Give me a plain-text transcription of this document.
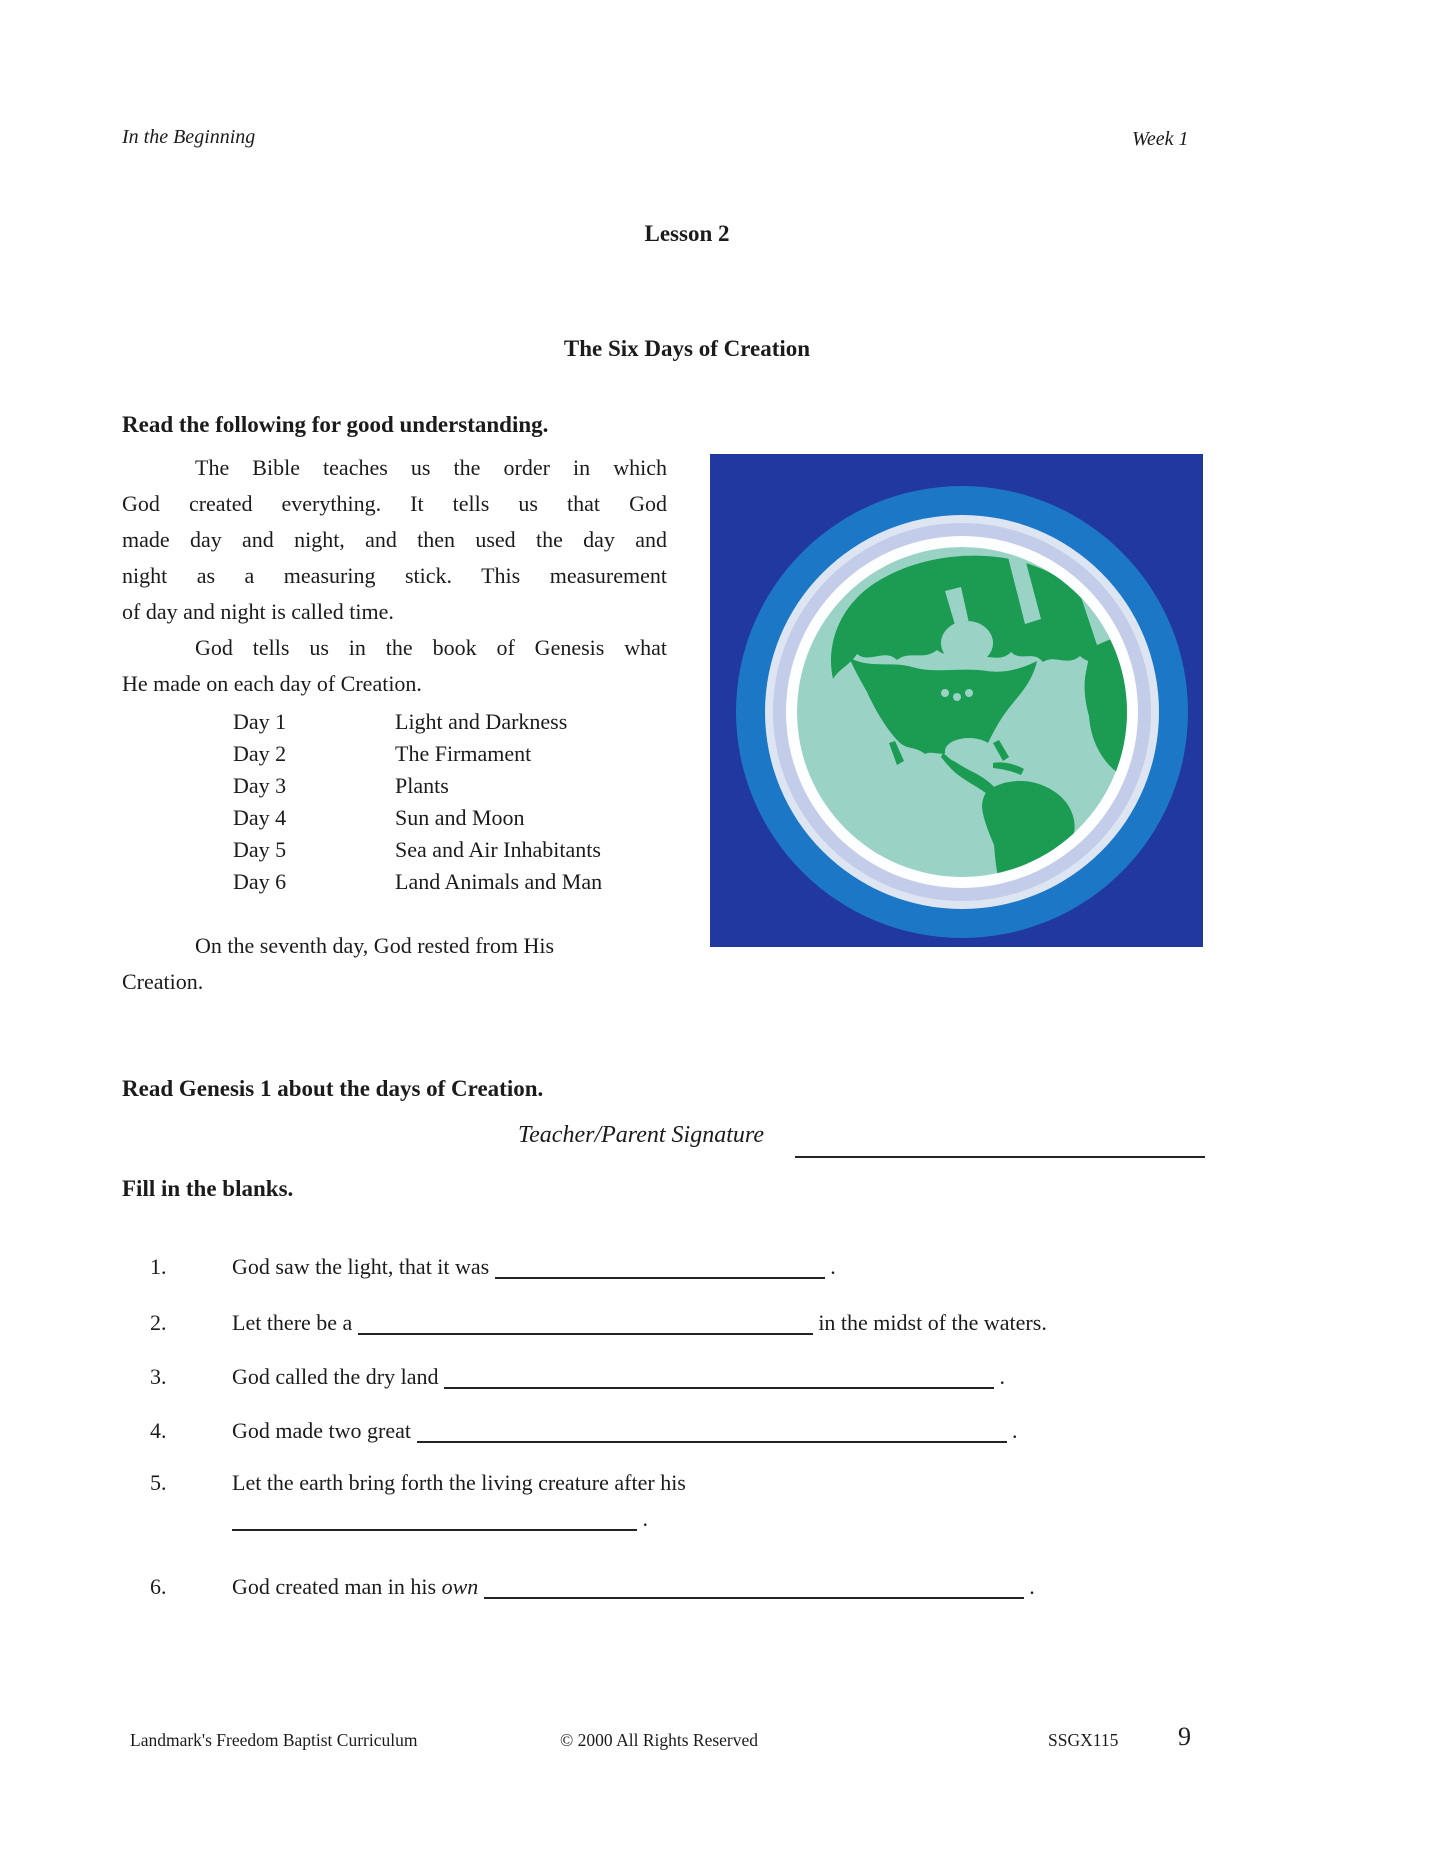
In the Beginning	Week 1
Lesson 2
The Six Days of Creation
Read the following for good understanding.
The Bible teaches us the order in which
God created everything. It tells us that God
made day and night, and then used the day and
night as a measuring stick. This measurement
of day and night is called time.
God tells us in the book of Genesis what
He made on each day of Creation.
Day 1	Light and Darkness
Day 2	The Firmament
Day 3	Plants
Day 4	Sun and Moon
Day 5	Sea and Air Inhabitants
Day 6	Land Animals and Man
On the seventh day, God rested from His
Creation.
Read Genesis 1 about the days of Creation.
Teacher/Parent Signature
Fill in the blanks.
1.	God saw the light, that it was	.
2.	Let there be a	in the midst of the waters.
3.	God called the dry land	.
4.	God made two great	.
5.	Let the earth bring forth the living creature after his
.
6.	God created man in his own	.
Landmark's Freedom Baptist Curriculum	© 2000 All Rights Reserved	SSGX115 9
